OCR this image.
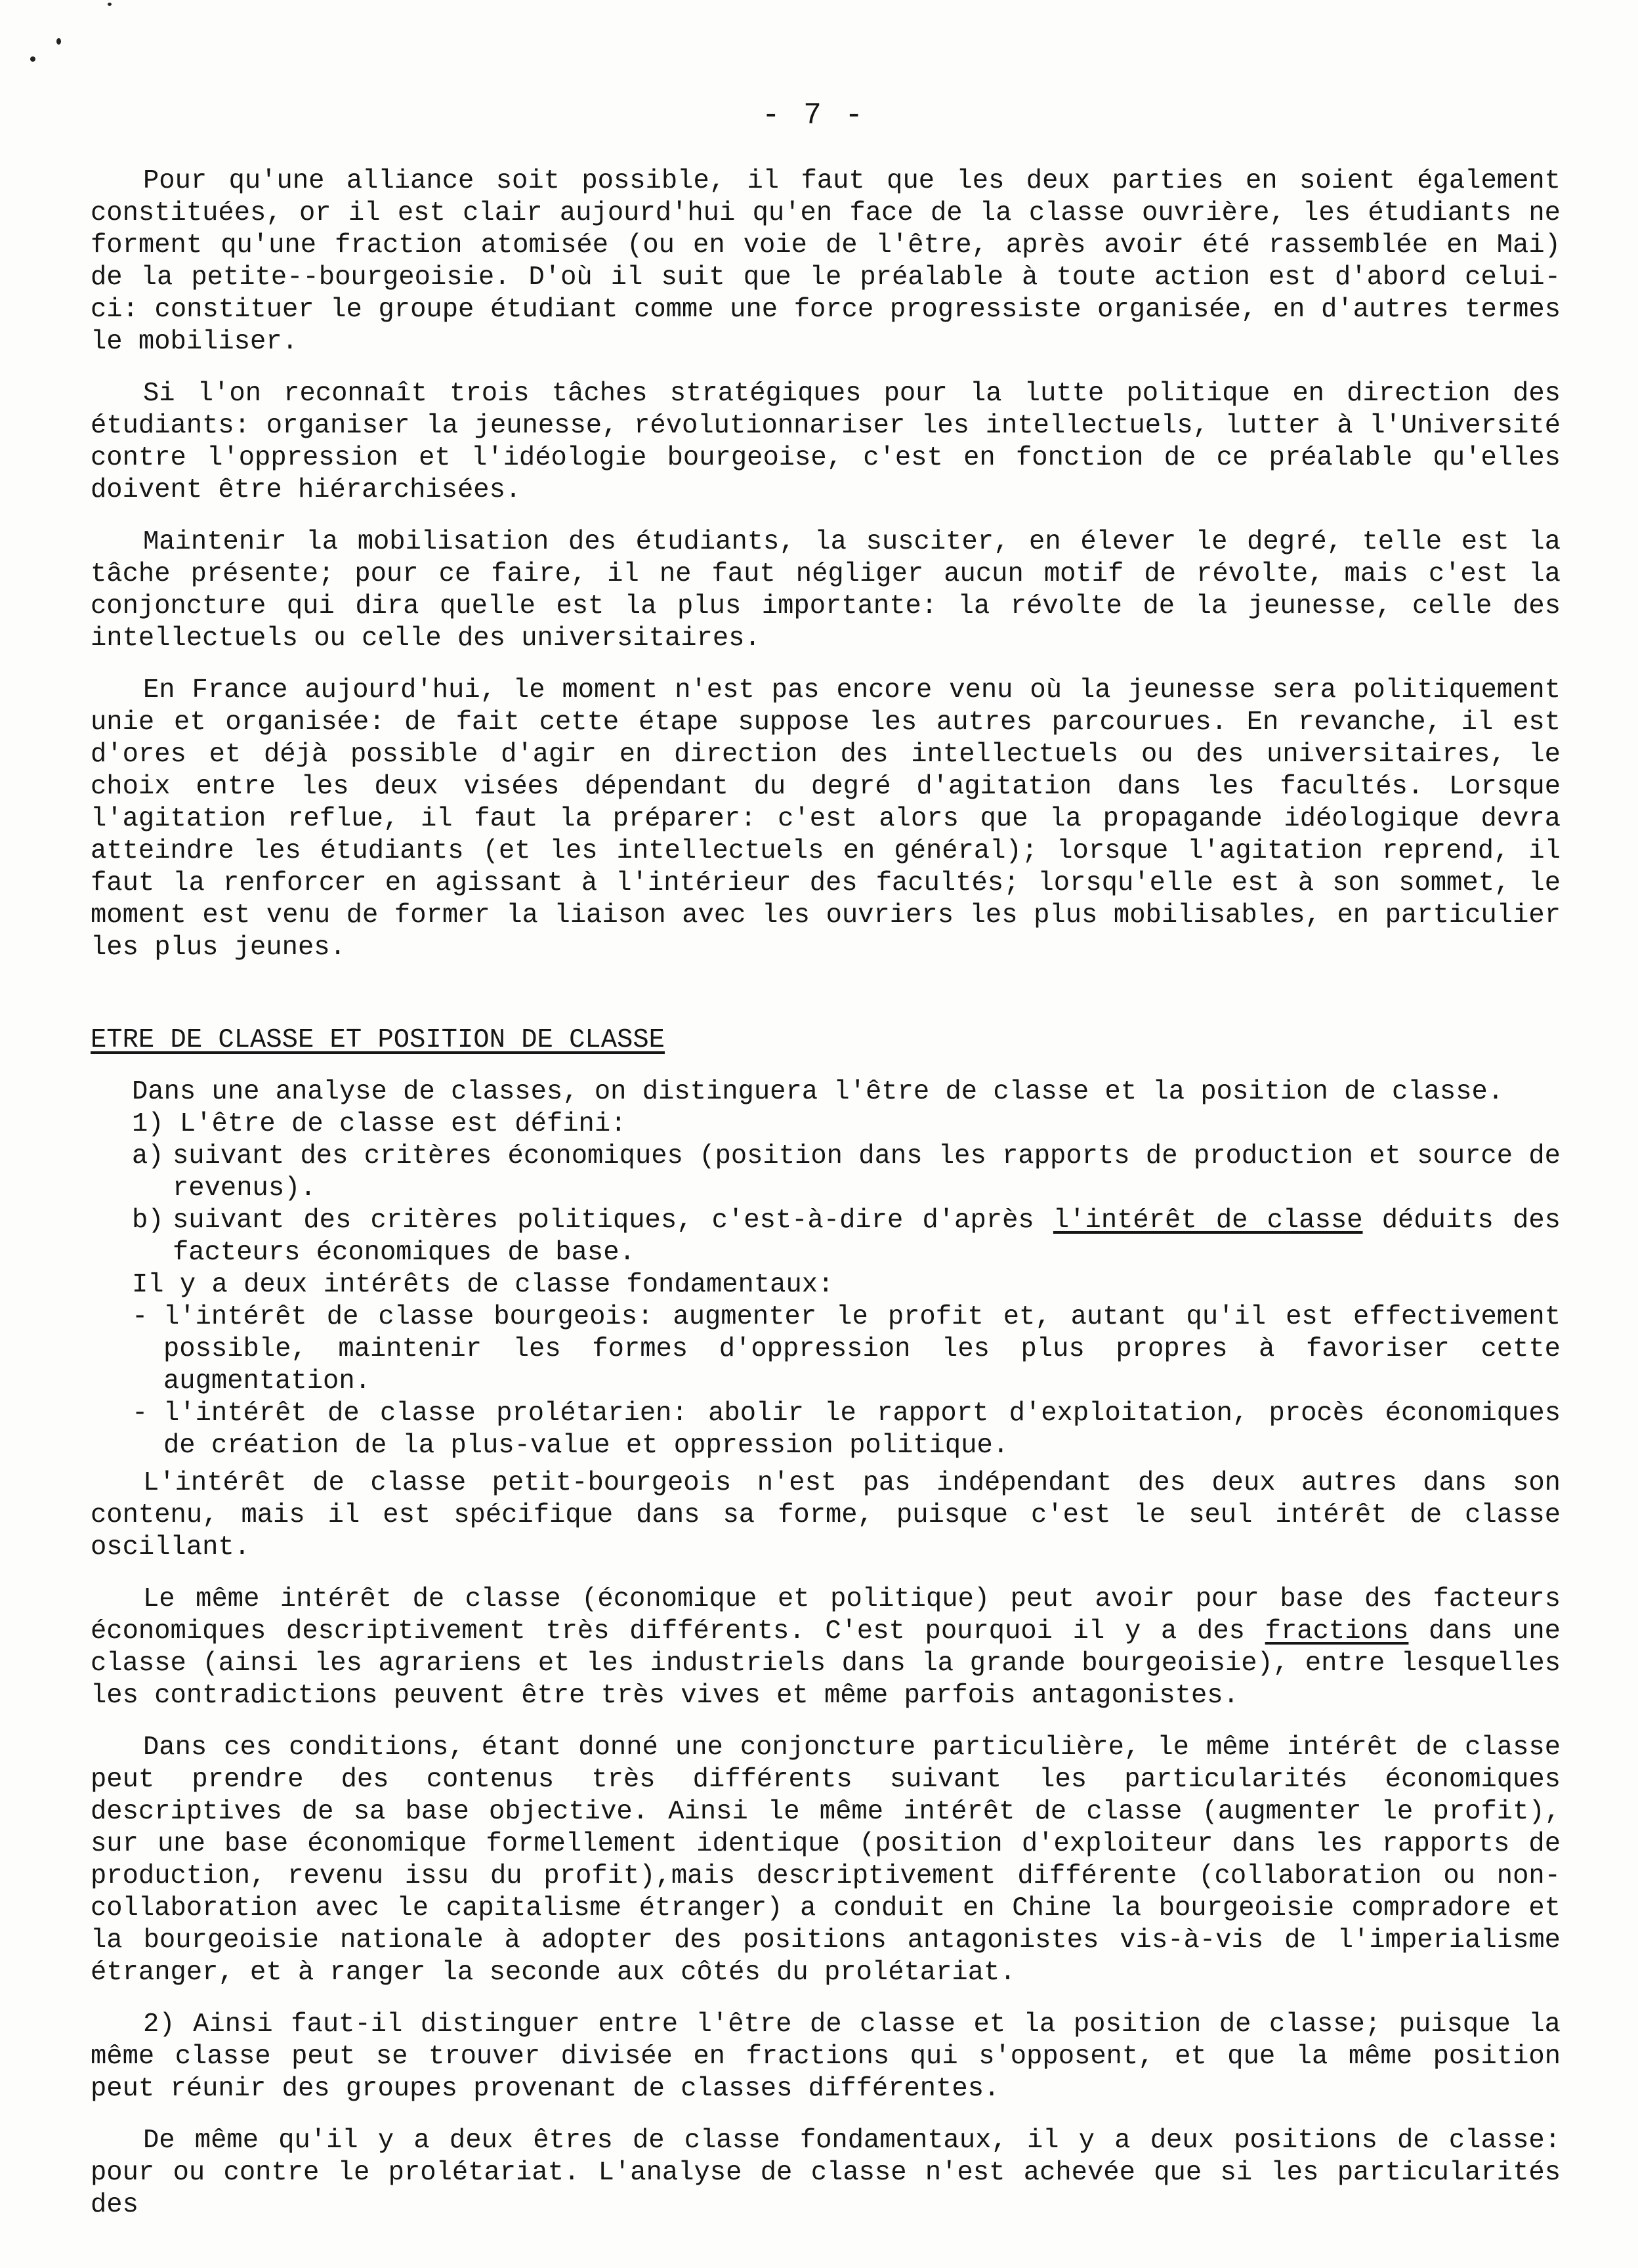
- 7 -

Pour qu'une alliance soit possible, il faut que les deux parties en soient également constituées, or il est clair aujourd'hui qu'en face de la classe ouvrière, les étudiants ne forment qu'une fraction atomisée (ou en voie de l'être, après avoir été rassemblée en Mai) de la petite--bourgeoisie. D'où il suit que le préalable à toute action est d'abord celui-ci: constituer le groupe étudiant comme une force progressiste organisée, en d'autres termes le mobiliser.

Si l'on reconnaît trois tâches stratégiques pour la lutte politique en direction des étudiants: organiser la jeunesse, révolutionnariser les intellectuels, lutter à l'Université contre l'oppression et l'idéologie bourgeoise, c'est en fonction de ce préalable qu'elles doivent être hiérarchisées.

Maintenir la mobilisation des étudiants, la susciter, en élever le degré, telle est la tâche présente; pour ce faire, il ne faut négliger aucun motif de révolte, mais c'est la conjoncture qui dira quelle est la plus importante: la révolte de la jeunesse, celle des intellectuels ou celle des universitaires.

En France aujourd'hui, le moment n'est pas encore venu où la jeunesse sera politiquement unie et organisée: de fait cette étape suppose les autres parcourues. En revanche, il est d'ores et déjà possible d'agir en direction des intellectuels ou des universitaires, le choix entre les deux visées dépendant du degré d'agitation dans les facultés. Lorsque l'agitation reflue, il faut la préparer: c'est alors que la propagande idéologique devra atteindre les étudiants (et les intellectuels en général); lorsque l'agitation reprend, il faut la renforcer en agissant à l'intérieur des facultés; lorsqu'elle est à son sommet, le moment est venu de former la liaison avec les ouvriers les plus mobilisables, en particulier les plus jeunes.

ETRE DE CLASSE ET POSITION DE CLASSE

Dans une analyse de classes, on distinguera l'être de classe et la position de classe.

1) L'être de classe est défini:

a) suivant des critères économiques (position dans les rapports de production et source de revenus).
b) suivant des critères politiques, c'est-à-dire d'après l'intérêt de classe déduits des facteurs économiques de base.

Il y a deux intérêts de classe fondamentaux:

- l'intérêt de classe bourgeois: augmenter le profit et, autant qu'il est effectivement possible, maintenir les formes d'oppression les plus propres à favoriser cette augmentation.
- l'intérêt de classe prolétarien: abolir le rapport d'exploitation, procès économiques de création de la plus-value et oppression politique.

L'intérêt de classe petit-bourgeois n'est pas indépendant des deux autres dans son contenu, mais il est spécifique dans sa forme, puisque c'est le seul intérêt de classe oscillant.

Le même intérêt de classe (économique et politique) peut avoir pour base des facteurs économiques descriptivement très différents. C'est pourquoi il y a des fractions dans une classe (ainsi les agrariens et les industriels dans la grande bourgeoisie), entre lesquelles les contradictions peuvent être très vives et même parfois antagonistes.

Dans ces conditions, étant donné une conjoncture particulière, le même intérêt de classe peut prendre des contenus très différents suivant les particularités économiques descriptives de sa base objective. Ainsi le même intérêt de classe (augmenter le profit), sur une base économique formellement identique (position d'exploiteur dans les rapports de production, revenu issu du profit),mais descriptivement différente (collaboration ou non-collaboration avec le capitalisme étranger) a conduit en Chine la bourgeoisie compradore et la bourgeoisie nationale à adopter des positions antagonistes vis-à-vis de l'imperialisme étranger, et à ranger la seconde aux côtés du prolétariat.

2) Ainsi faut-il distinguer entre l'être de classe et la position de classe; puisque la même classe peut se trouver divisée en fractions qui s'opposent, et que la même position peut réunir des groupes provenant de classes différentes.

De même qu'il y a deux êtres de classe fondamentaux, il y a deux positions de classe: pour ou contre le prolétariat. L'analyse de classe n'est achevée que si les particularités des
